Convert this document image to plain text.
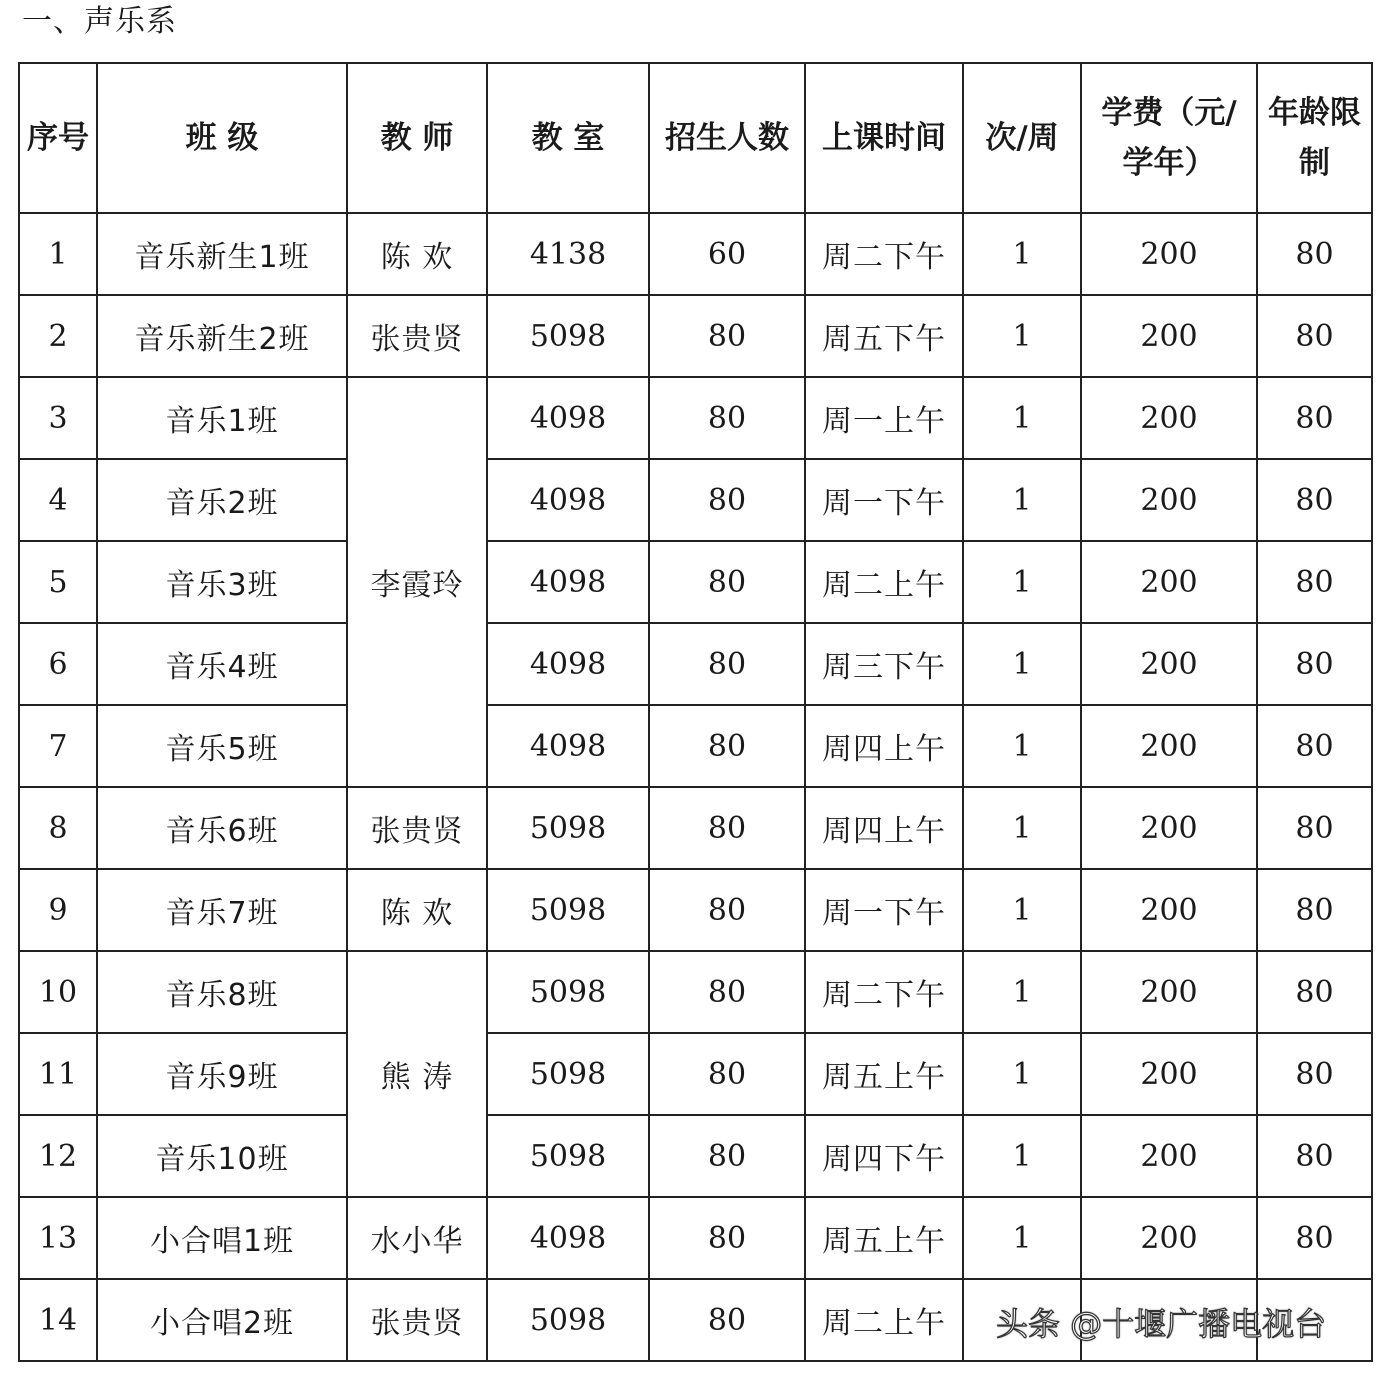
一、声乐系
序号	班 级	教 师	教 室	招生人数	上课时间	次/周	学费（元/学年）	年龄限制
1	音乐新生1班	陈 欢	4138	60	周二下午	1	200	80
2	音乐新生2班	张贵贤	5098	80	周五下午	1	200	80
3	音乐1班	李霞玲	4098	80	周一上午	1	200	80
4	音乐2班		4098	80	周一下午	1	200	80
5	音乐3班		4098	80	周二上午	1	200	80
6	音乐4班		4098	80	周三下午	1	200	80
7	音乐5班		4098	80	周四上午	1	200	80
8	音乐6班	张贵贤	5098	80	周四上午	1	200	80
9	音乐7班	陈 欢	5098	80	周一下午	1	200	80
10	音乐8班	熊 涛	5098	80	周二下午	1	200	80
11	音乐9班		5098	80	周五上午	1	200	80
12	音乐10班		5098	80	周四下午	1	200	80
13	小合唱1班	水小华	4098	80	周五上午	1	200	80
14	小合唱2班	张贵贤	5098	80	周二上午			头条 @十堰广播电视台
